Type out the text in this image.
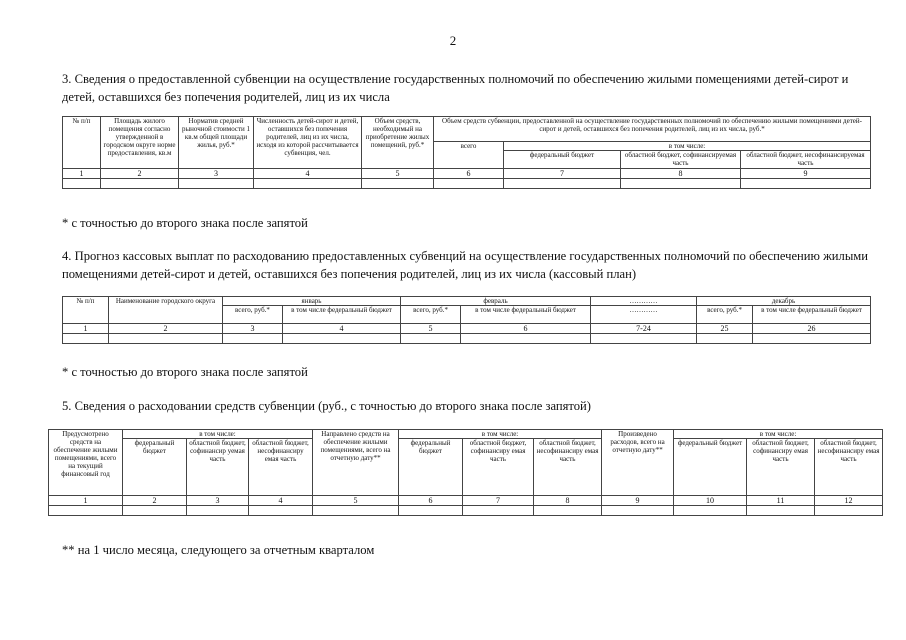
2
3. Сведения о предоставленной субвенции на осуществление государственных полномочий по обеспечению жилыми помещениями детей-сирот и детей, оставшихся без попечения родителей, лиц из их числа
№ п/п	Площадь жилого помещения согласно утвержденной в городском округе норме предоставления, кв.м	Норматив средней рыночной стоимости 1 кв.м общей площади жилья, руб.*	Численность детей-сирот и детей, оставшихся без попечения родителей, лиц из их числа, исходя из которой рассчитывается субвенция, чел.	Объем средств, необходимый на приобретение жилых помещений, руб.*	Объем средств субвенции, предоставленной на осуществление государственных полномочий по обеспечению жилыми помещениями детей-сирот и детей, оставшихся без попечения родителей, лиц из их числа, руб.*			
					всего	в том числе:		
						федеральный бюджет	областной бюджет, софинансируемая часть	областной бюджет, несофинансируемая часть
1	2	3	4	5	6	7	8	9

* с точностью до второго знака после запятой
4. Прогноз кассовых выплат по расходованию предоставленных субвенций на осуществление государственных полномочий по обеспечению жилыми помещениями детей-сирот и детей, оставшихся без попечения родителей, лиц из их числа (кассовый план)
№ п/п	Наименование городского округа	январь		февраль		…………	декабрь	
		всего, руб.*	в том числе федеральный бюджет	всего, руб.*	в том числе федеральный бюджет	…………	всего, руб.*	в том числе федеральный бюджет
1	2	3	4	5	6	7-24	25	26

* с точностью до второго знака после запятой
5. Сведения о расходовании средств субвенции (руб., с точностью до второго знака после запятой)
Предусмотрено средств на обеспечение жилыми помещениями, всего на текущий финансовый год	в том числе:			Направлено средств на обеспечение жилыми помещениями, всего на отчетную дату**	в том числе:			Произведено расходов, всего на отчетную дату**	в том числе:		
	федеральный бюджет	областной бюджет, софинансир уемая часть	областной бюджет, несофинансиру емая часть		федеральный бюджет	областной бюджет, софинансиру емая часть	областной бюджет, несофинансиру емая часть		федеральный бюджет	областной бюджет, софинансиру емая часть	областной бюджет, несофинансиру емая часть
1	2	3	4	5	6	7	8	9	10	11	12

** на 1 число месяца, следующего за отчетным кварталом
